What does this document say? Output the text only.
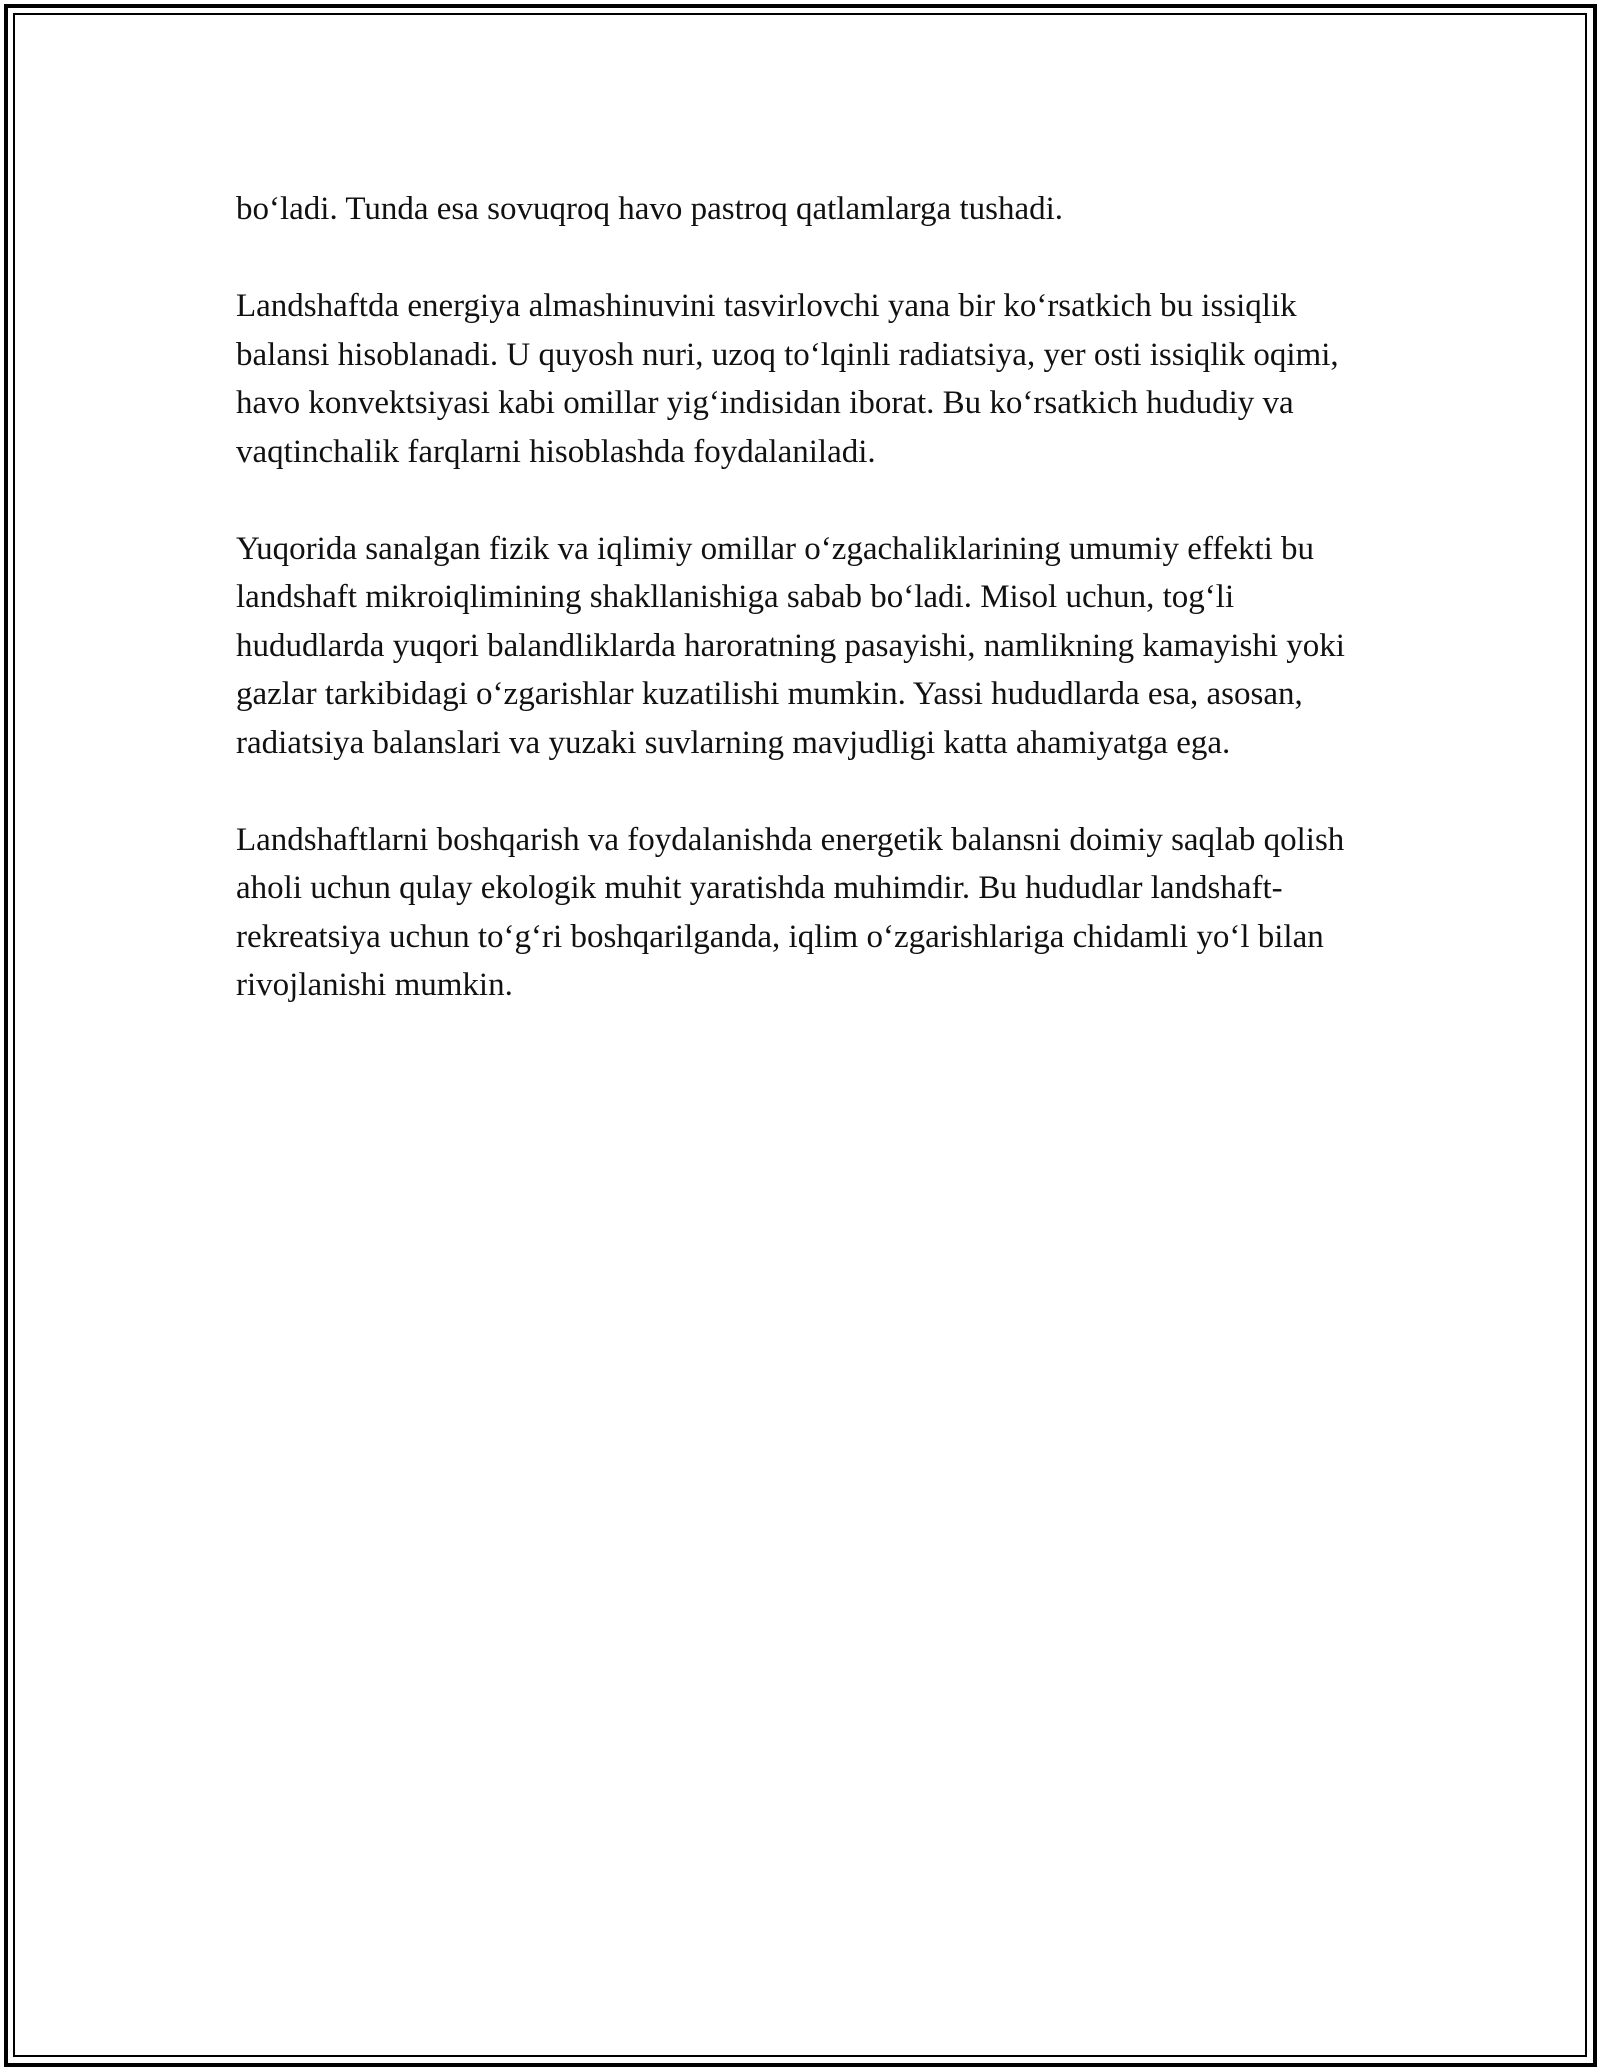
bo‘ladi. Tunda esa sovuqroq havo pastroq qatlamlarga tushadi.

Landshaftda energiya almashinuvini tasvirlovchi yana bir ko‘rsatkich bu issiqlik balansi hisoblanadi. U quyosh nuri, uzoq to‘lqinli radiatsiya, yer osti issiqlik oqimi, havo konvektsiyasi kabi omillar yig‘indisidan iborat. Bu ko‘rsatkich hududiy va vaqtinchalik farqlarni hisoblashda foydalaniladi.

Yuqorida sanalgan fizik va iqlimiy omillar o‘zgachaliklarining umumiy effekti bu landshaft mikroiqlimining shakllanishiga sabab bo‘ladi. Misol uchun, tog‘li hududlarda yuqori balandliklarda haroratning pasayishi, namlikning kamayishi yoki gazlar tarkibidagi o‘zgarishlar kuzatilishi mumkin. Yassi hududlarda esa, asosan, radiatsiya balanslari va yuzaki suvlarning mavjudligi katta ahamiyatga ega.

Landshaftlarni boshqarish va foydalanishda energetik balansni doimiy saqlab qolish aholi uchun qulay ekologik muhit yaratishda muhimdir. Bu hududlar landshaft-rekreatsiya uchun to‘g‘ri boshqarilganda, iqlim o‘zgarishlariga chidamli yo‘l bilan rivojlanishi mumkin.
